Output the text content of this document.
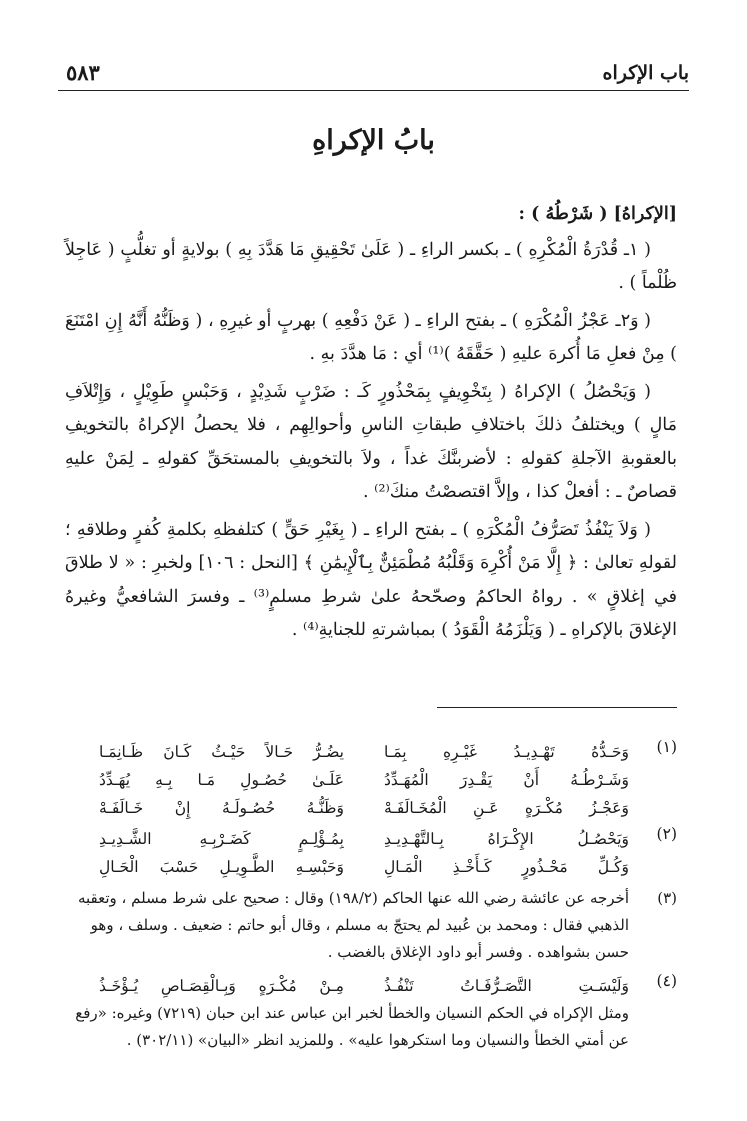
باب الإكراه
٥٨٣
بابُ الإكراهِ

[الإكراهُ] ( شَرْطُهُ ) :

( ١ـ قُدْرَةُ الْمُكْرِهِ ) ـ بكسر الراءِ ـ ( عَلَىٰ تَحْقِيقِ مَا هَدَّدَ بِهِ ) بولايةٍ أو تغلُّبٍ ( عَاجِلاً ظُلْماً ) .

( وَ٢ـ عَجْزُ الْمُكْرَهِ ) ـ بفتح الراءِ ـ ( عَنْ دَفْعِهِ ) بهربٍ أو غيرِهِ ، ( وَظَنُّهُ أَنَّهُ إِنِ امْتَنَعَ ) مِنْ فعلِ مَا أُكرهَ عليهِ ( حَقَّقَهُ )⁽¹⁾ أي : مَا هدَّدَ بهِ .

( وَيَحْصُلُ ) الإكراهُ ( بِتَخْوِيفٍ بِمَحْذُورٍ كَـ : ضَرْبٍ شَدِيْدٍ ، وَحَبْسٍ طَوِيْلٍ ، وَإِتْلاَفِ مَالٍ ) ويختلفُ ذلكَ باختلافِ طبقاتِ الناسِ وأحوالِهِم ، فلا يحصلُ الإكراهُ بالتخويفِ بالعقوبةِ الآجلةِ كقولهِ : لأضربنَّكَ غداً ، ولاَ بالتخويفِ بالمستحَقِّ كقولهِ ـ لِمَنْ عليهِ قصاصٌ ـ : أفعلْ كذا ، وإلاَّ اقتصصْتُ منكَ⁽²⁾ .

( وَلاَ يَنْفُذُ تَصَرُّفُ الْمُكْرَهِ ) ـ بفتح الراءِ ـ ( بِغَيْرِ حَقٍّ ) كتلفظهِ بكلمةِ كُفرٍ وطلاقهِ ؛ لقولهِ تعالىٰ : ﴿ إِلَّا مَنْ أُكْرِهَ وَقَلْبُهُ مُطْمَئِنٌّ بِٱلْإِيمَٰنِ ﴾ [النحل : ١٠٦] ولخبرِ : « لا طلاقَ في إغلاقٍ » . رواهُ الحاكمُ وصحّحهُ علىٰ شرطِ مسلمٍ⁽³⁾ ـ وفسرَ الشافعيُّ وغيرهُ الإغلاقَ بالإكراهِ ـ ( وَيَلْزَمُهُ الْقَوَدُ ) بمباشرتهِ للجنايةِ⁽⁴⁾ .

(١)
وَحَـدُّهُ تَهْـدِيـدُ غَيْـرِهِ بِمَـا
يضُـرُّ حَـالاً حَيْـثُ كَـانَ ظَـانِمَـا
وَشَـرْطُـهُ أَنْ يَقْـدِرَ الْمُهَـدِّدُ
عَلَـىٰ حُصُـولِ مَـا بِـهِ يُهَـدِّدُ
وَعَجْـزُ مُكْـرَهٍ عَـنِ الْمُخَـالَفَـهْ
وَظَنُّـهُ حُصُـولَـهُ إِنْ خَـالَفَـهْ
(٢)
وَيَحْصُـلُ الإِكْـرَاهُ بِـالتَّهْـدِيـدِ
بِمُـؤْلِـمٍ كَضَـرْبِـهِ الشَّـدِيـدِ
وَكُـلِّ مَحْـذُورٍ كَـأَخْـذِ الْمَـالِ
وَحَبْسِـهِ الطَّـوِيـلِ حَسْبَ الْحَـالِ
(٣)
أخرجه عن عائشة رضي الله عنها الحاكم (١٩٨/٢) وقال : صحيح على شرط مسلم ، وتعقبه
الذهبي فقال : ومحمد بن عُبيد لم يحتجّ به مسلم ، وقال أبو حاتم : ضعيف . وسلف ، وهو
حسن بشواهده . وفسر أبو داود الإغلاق بالغضب .
(٤)
وَلَيْسَـتِ التَّصَـرُّفَـاتُ تَنْفُـذُ
مِـنْ مُكْـرَهٍ وَبِـالْقِصَـاصِ يُـؤْخَـذُ
ومثل الإكراه في الحكم النسيان والخطأ لخبر ابن عباس عند ابن حبان (٧٢١٩) وغيره: «رفع
عن أمتي الخطأ والنسيان وما استكرهوا عليه» . وللمزيد انظر «البيان» (٣٠٢/١١) .
